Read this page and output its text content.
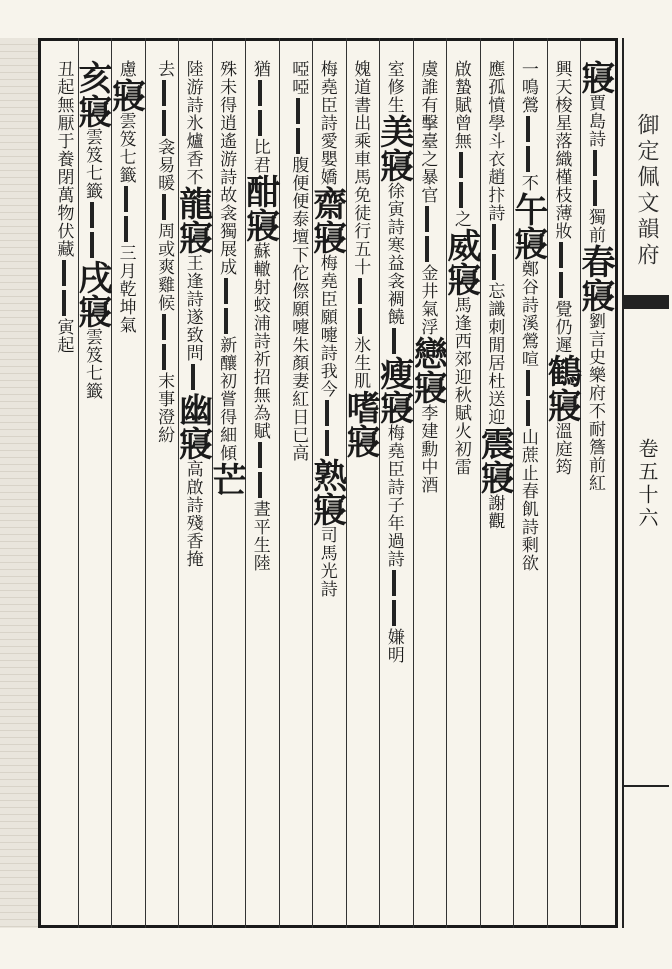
寢賈島詩獨前春寢劉言史樂府不耐簷前紅
興天梭星落織槿枝薄妝覺仍遲鶴寢溫庭筠
一鳴鶯不午寢鄭谷詩溪鶯喧山蔗止春飢詩剩欲
應孤憤學斗衣趙抃詩忘識刺閒居杜送迎震寢謝觀
啟蟄賦曾無之威寢馬逢西郊迎秋賦火初雷
虞誰有擊臺之暴官金井氣浮戀寢李建勳中酒
室修生美寢徐寅詩寒益衾裯饒瘦寢梅堯臣詩子年過詩嫌明
媿道書出乘車馬免徒行五十氷生肌嗜寢
梅堯臣詩愛嬰嬌齋寢梅堯臣願嚏詩我今熟寢司馬光詩
啞啞腹便便泰壇下佗傺願嚏朱顏妻紅日已高
猶比君酣寢蘇轍射蛟浦詩祈招無為賦晝平生陸
殊未得逍遙游詩故衾獨展成新釀初嘗得細傾芒
陸游詩氷爐香不龍寢王逢詩遂致問幽寢高啟詩殘香掩
去衾易暖周或爽雞候末事澄紛
慮寢雲笈七籤三月乾坤氣
亥寢雲笈七籤戌寢雲笈七籤
丑起無厭于養閉萬物伏藏寅起
御定佩文韻府
卷五十六
